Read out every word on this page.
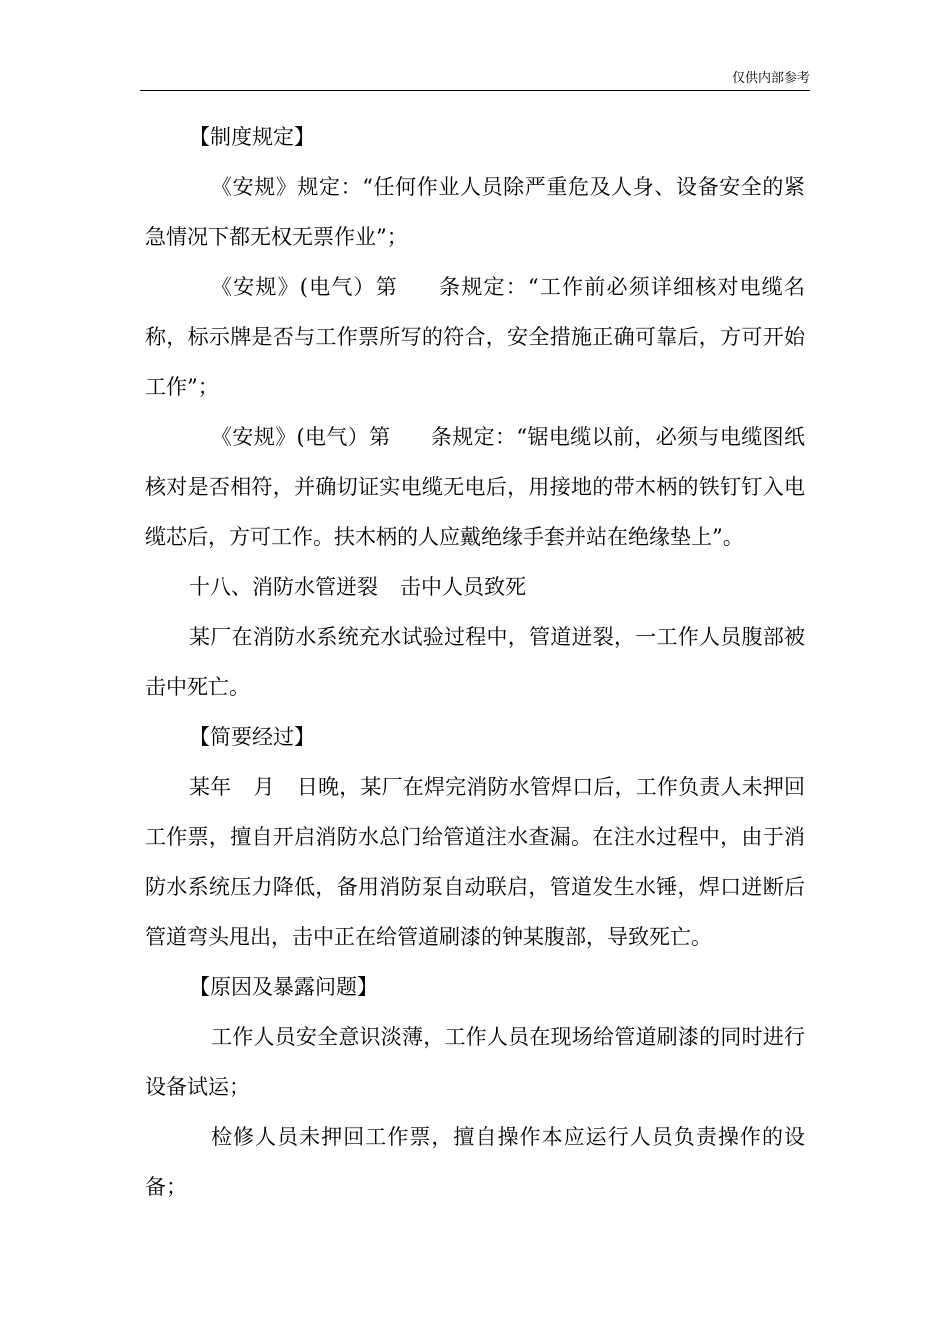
仅供内部参考

【制度规定】

《安规》规定：“任何作业人员除严重危及人身、设备安全的紧急情况下都无权无票作业”；

《安规》(电气）第 条规定：“工作前必须详细核对电缆名称，标示牌是否与工作票所写的符合，安全措施正确可靠后，方可开始工作”；

《安规》(电气）第 条规定：“锯电缆以前，必须与电缆图纸核对是否相符，并确切证实电缆无电后，用接地的带木柄的铁钉钉入电缆芯后，方可工作。扶木柄的人应戴绝缘手套并站在绝缘垫上”。

十八、消防水管迸裂 击中人员致死

某厂在消防水系统充水试验过程中，管道迸裂，一工作人员腹部被击中死亡。

【简要经过】

某年 月 日晚，某厂在焊完消防水管焊口后，工作负责人未押回工作票，擅自开启消防水总门给管道注水查漏。在注水过程中，由于消防水系统压力降低，备用消防泵自动联启，管道发生水锤，焊口迸断后管道弯头甩出，击中正在给管道刷漆的钟某腹部，导致死亡。

【原因及暴露问题】

工作人员安全意识淡薄，工作人员在现场给管道刷漆的同时进行设备试运；

检修人员未押回工作票，擅自操作本应运行人员负责操作的设备；
